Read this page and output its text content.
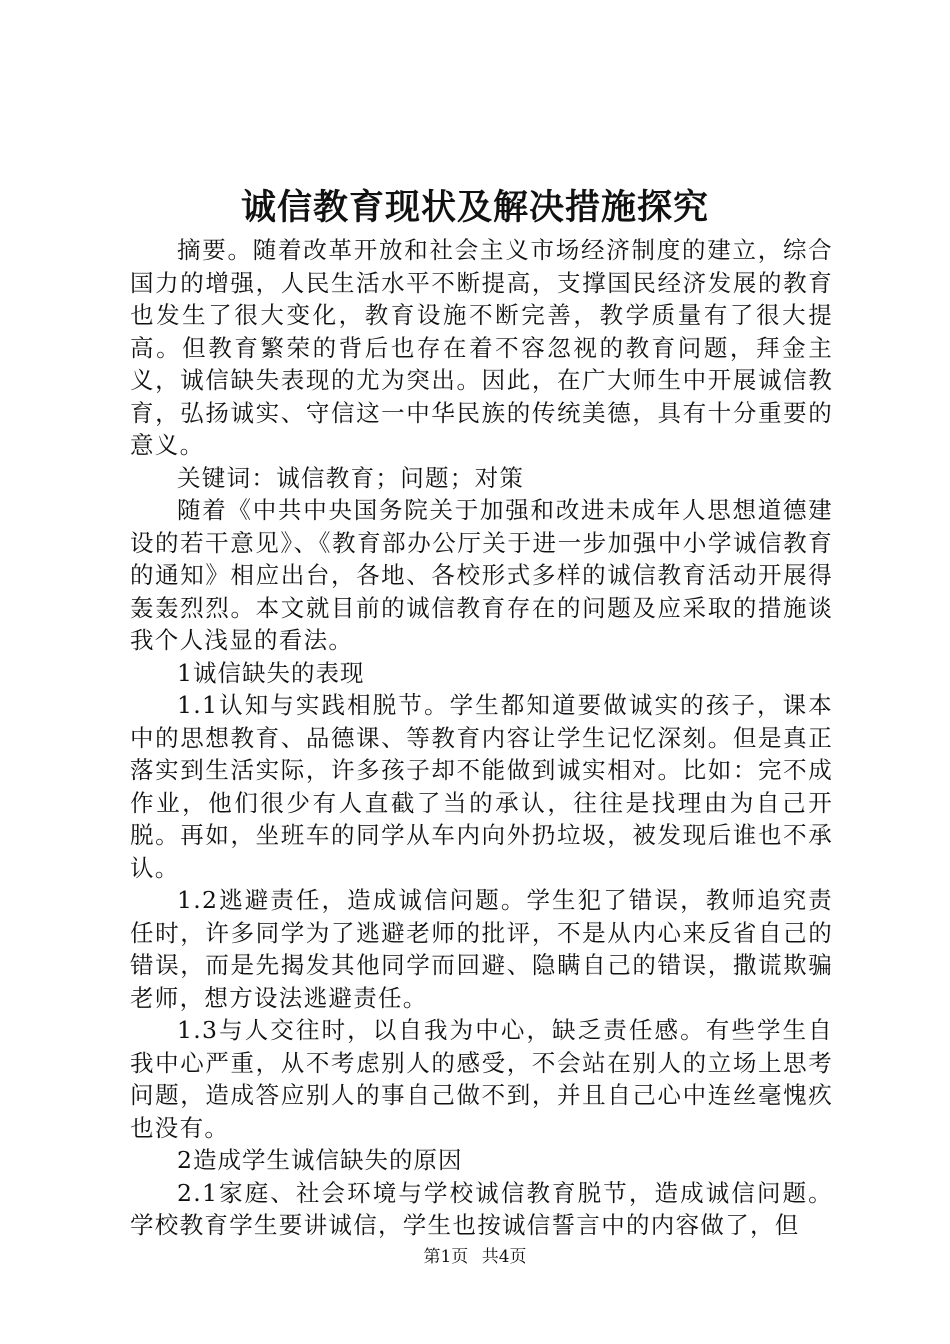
诚信教育现状及解决措施探究

摘要。随着改革开放和社会主义市场经济制度的建立，综合国力的增强，人民生活水平不断提高，支撑国民经济发展的教育也发生了很大变化，教育设施不断完善，教学质量有了很大提高。但教育繁荣的背后也存在着不容忽视的教育问题，拜金主义，诚信缺失表现的尤为突出。因此，在广大师生中开展诚信教育，弘扬诚实、守信这一中华民族的传统美德，具有十分重要的意义。

关键词：诚信教育；问题；对策

随着《中共中央国务院关于加强和改进未成年人思想道德建设的若干意见》、《教育部办公厅关于进一步加强中小学诚信教育的通知》相应出台，各地、各校形式多样的诚信教育活动开展得轰轰烈烈。本文就目前的诚信教育存在的问题及应采取的措施谈我个人浅显的看法。

1诚信缺失的表现

1.1认知与实践相脱节。学生都知道要做诚实的孩子，课本中的思想教育、品德课、等教育内容让学生记忆深刻。但是真正落实到生活实际，许多孩子却不能做到诚实相对。比如：完不成作业，他们很少有人直截了当的承认，往往是找理由为自己开脱。再如，坐班车的同学从车内向外扔垃圾，被发现后谁也不承认。

1.2逃避责任，造成诚信问题。学生犯了错误，教师追究责任时，许多同学为了逃避老师的批评，不是从内心来反省自己的错误，而是先揭发其他同学而回避、隐瞒自己的错误，撒谎欺骗老师，想方设法逃避责任。

1.3与人交往时，以自我为中心，缺乏责任感。有些学生自我中心严重，从不考虑别人的感受，不会站在别人的立场上思考问题，造成答应别人的事自己做不到，并且自己心中连丝毫愧疚也没有。

2造成学生诚信缺失的原因

2.1家庭、社会环境与学校诚信教育脱节，造成诚信问题。学校教育学生要讲诚信，学生也按诚信誓言中的内容做了，但

第1页 共4页
